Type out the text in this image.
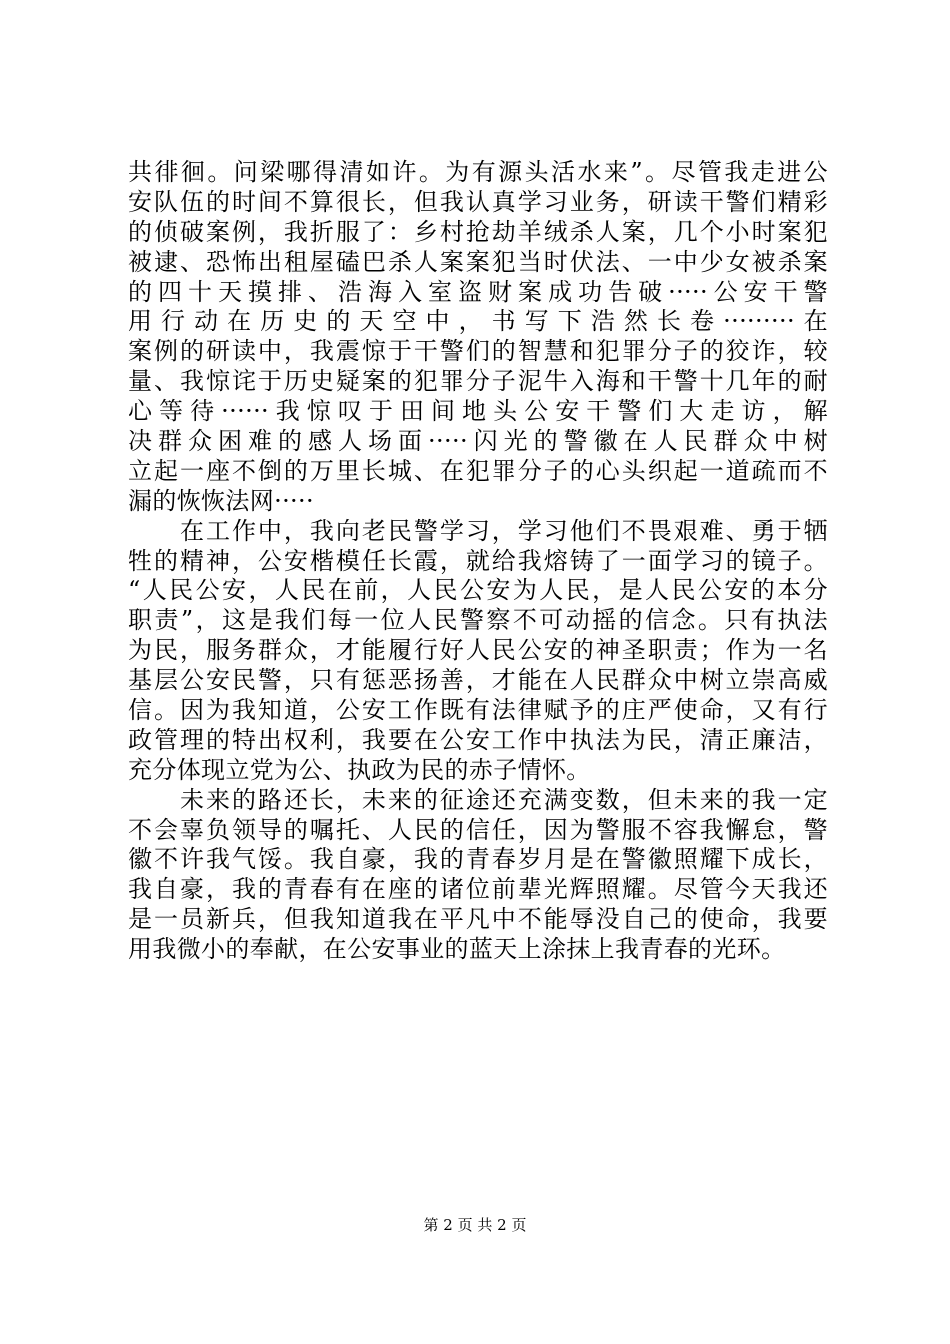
共徘徊。问梁哪得清如许。为有源头活水来”。尽管我走进公
安队伍的时间不算很长，但我认真学习业务，研读干警们精彩
的侦破案例，我折服了：乡村抢劫羊绒杀人案，几个小时案犯
被逮、恐怖出租屋磕巴杀人案案犯当时伏法、一中少女被杀案
的四十天摸排、浩海入室盗财案成功告破·····公安干警
用行动在历史的天空中，书写下浩然长卷·········在
案例的研读中，我震惊于干警们的智慧和犯罪分子的狡诈，较
量、我惊诧于历史疑案的犯罪分子泥牛入海和干警十几年的耐
心等待······我惊叹于田间地头公安干警们大走访，解
决群众困难的感人场面·····闪光的警徽在人民群众中树
立起一座不倒的万里长城、在犯罪分子的心头织起一道疏而不
漏的恢恢法网·····
　　在工作中，我向老民警学习，学习他们不畏艰难、勇于牺
牲的精神，公安楷模任长霞，就给我熔铸了一面学习的镜子。
“人民公安，人民在前，人民公安为人民，是人民公安的本分
职责”，这是我们每一位人民警察不可动摇的信念。只有执法
为民，服务群众，才能履行好人民公安的神圣职责；作为一名
基层公安民警，只有惩恶扬善，才能在人民群众中树立崇高威
信。因为我知道，公安工作既有法律赋予的庄严使命，又有行
政管理的特出权利，我要在公安工作中执法为民，清正廉洁，
充分体现立党为公、执政为民的赤子情怀。
　　未来的路还长，未来的征途还充满变数，但未来的我一定
不会辜负领导的嘱托、人民的信任，因为警服不容我懈怠，警
徽不许我气馁。我自豪，我的青春岁月是在警徽照耀下成长，
我自豪，我的青春有在座的诸位前辈光辉照耀。尽管今天我还
是一员新兵，但我知道我在平凡中不能辱没自己的使命，我要
用我微小的奉献，在公安事业的蓝天上涂抹上我青春的光环。
第 2 页 共 2 页
